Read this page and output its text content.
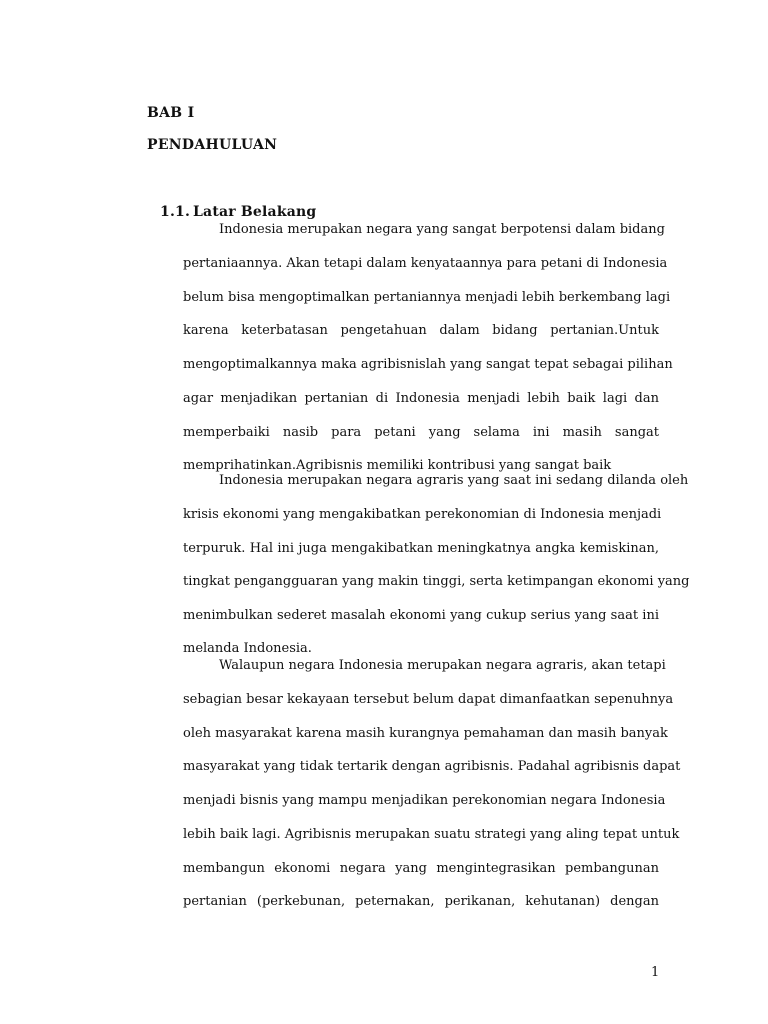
BAB I
PENDAHULUAN
1.1. Latar Belakang
Indonesia merupakan negara yang sangat berpotensi dalam bidang
pertaniaannya. Akan tetapi dalam kenyataannya para petani di Indonesia
belum bisa mengoptimalkan pertaniannya menjadi lebih berkembang lagi
karena keterbatasan pengetahuan dalam bidang pertanian.Untuk
mengoptimalkannya maka agribisnislah yang sangat tepat sebagai pilihan
agar menjadikan pertanian di Indonesia menjadi lebih baik lagi dan
memperbaiki nasib para petani yang selama ini masih sangat
memprihatinkan.Agribisnis memiliki kontribusi yang sangat baik
Indonesia merupakan negara agraris yang saat ini sedang dilanda oleh
krisis ekonomi yang mengakibatkan perekonomian di Indonesia menjadi
terpuruk. Hal ini juga mengakibatkan meningkatnya angka kemiskinan,
tingkat pengangguaran yang makin tinggi, serta ketimpangan ekonomi yang
menimbulkan sederet masalah ekonomi yang cukup serius yang saat ini
melanda Indonesia.
Walaupun negara Indonesia merupakan negara agraris, akan tetapi
sebagian besar kekayaan tersebut belum dapat dimanfaatkan sepenuhnya
oleh masyarakat karena masih kurangnya pemahaman dan masih banyak
masyarakat yang tidak tertarik dengan agribisnis. Padahal agribisnis dapat
menjadi bisnis yang mampu menjadikan perekonomian negara Indonesia
lebih baik lagi. Agribisnis merupakan suatu strategi yang aling tepat untuk
membangun ekonomi negara yang mengintegrasikan pembangunan
pertanian (perkebunan, peternakan, perikanan, kehutanan) dengan
1
